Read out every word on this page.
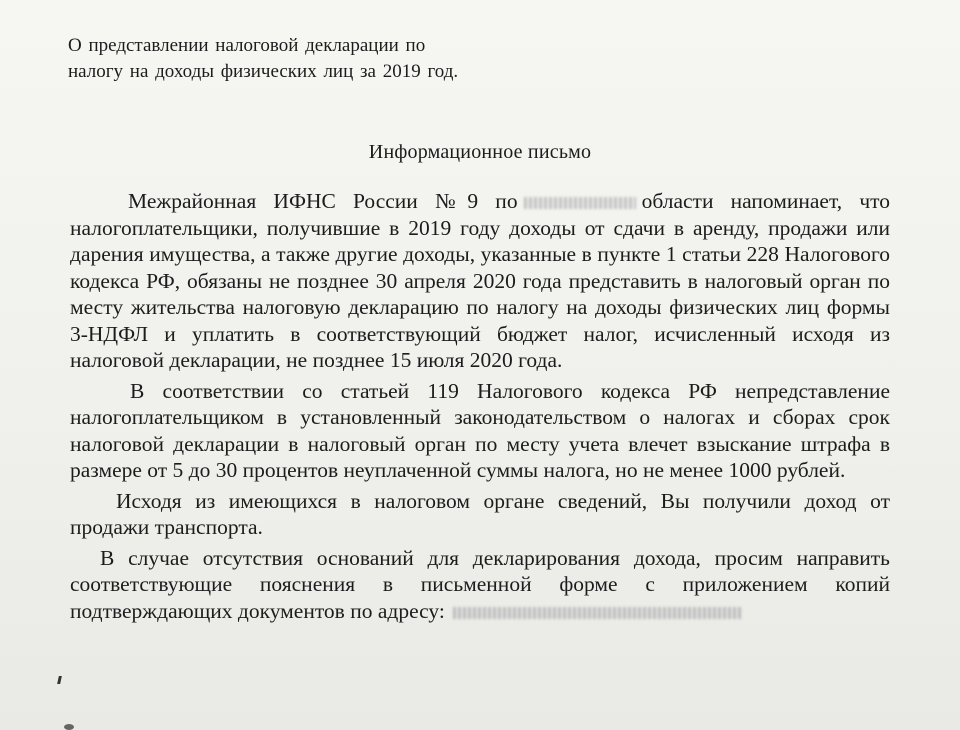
О представлении налоговой декларации по
налогу на доходы физических лиц за 2019 год.
Информационное письмо

Межрайонная ИФНС России №9 по	области напоминает, что налогоплательщики, получившие в 2019 году доходы от сдачи в аренду, продажи или дарения имущества, а также другие доходы, указанные в пункте 1 статьи 228 Налогового кодекса РФ, обязаны не позднее 30 апреля 2020 года представить в налоговый орган по месту жительства налоговую декларацию по налогу на доходы физических лиц формы 3-НДФЛ и уплатить в соответствующий бюджет налог, исчисленный исходя из налоговой декларации, не позднее 15 июля 2020 года.

В соответствии со статьей 119 Налогового кодекса РФ непредставление налогоплательщиком в установленный законодательством о налогах и сборах срок налоговой декларации в налоговый орган по месту учета влечет взыскание штрафа в размере от 5 до 30 процентов неуплаченной суммы налога, но не менее 1000 рублей.

Исходя из имеющихся в налоговом органе сведений, Вы получили доход от продажи транспорта.

В случае отсутствия оснований для декларирования дохода, просим направить соответствующие пояснения в письменной форме с приложением копий подтверждающих документов по адресу:
